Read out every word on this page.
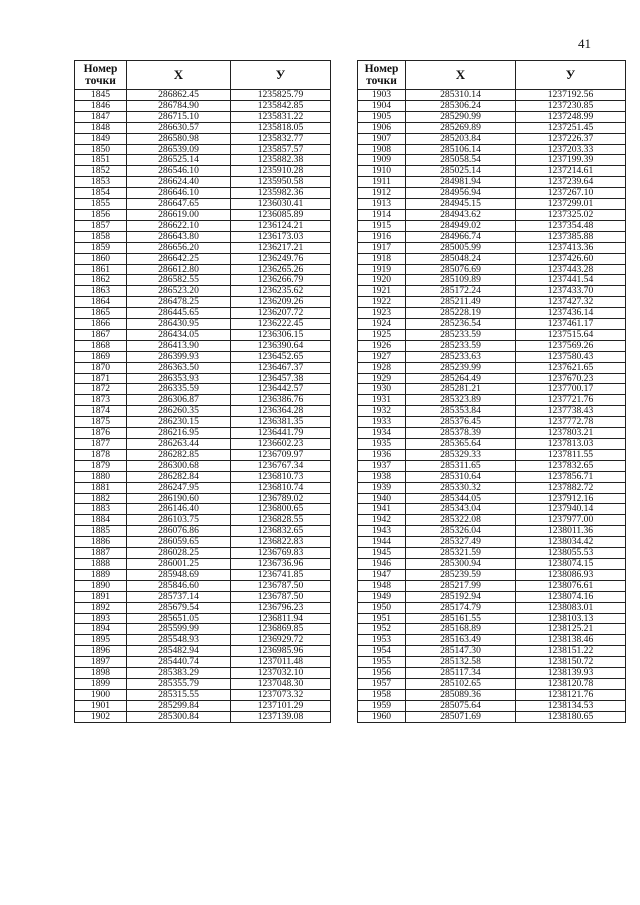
41
Номер
точки	X	У
1845	286862.45	1235825.79
1846	286784.90	1235842.85
1847	286715.10	1235831.22
1848	286630.57	1235818.05
1849	286580.98	1235832.77
1850	286539.09	1235857.57
1851	286525.14	1235882.38
1852	286546.10	1235910.28
1853	286624.40	1235950.58
1854	286646.10	1235982.36
1855	286647.65	1236030.41
1856	286619.00	1236085.89
1857	286622.10	1236124.21
1858	286643.80	1236173.03
1859	286656.20	1236217.21
1860	286642.25	1236249.76
1861	286612.80	1236265.26
1862	286582.55	1236266.79
1863	286523.20	1236235.62
1864	286478.25	1236209.26
1865	286445.65	1236207.72
1866	286430.95	1236222.45
1867	286434.05	1236306.15
1868	286413.90	1236390.64
1869	286399.93	1236452.65
1870	286363.50	1236467.37
1871	286353.93	1236457.38
1872	286335.59	1236442.57
1873	286306.87	1236386.76
1874	286260.35	1236364.28
1875	286230.15	1236381.35
1876	286216.95	1236441.79
1877	286263.44	1236602.23
1878	286282.85	1236709.97
1879	286300.68	1236767.34
1880	286282.84	1236810.73
1881	286247.95	1236810.74
1882	286190.60	1236789.02
1883	286146.40	1236800.65
1884	286103.75	1236828.55
1885	286076.86	1236832.65
1886	286059.65	1236822.83
1887	286028.25	1236769.83
1888	286001.25	1236736.96
1889	285948.69	1236741.85
1890	285846.60	1236787.50
1891	285737.14	1236787.50
1892	285679.54	1236796.23
1893	285651.05	1236811.94
1894	285599.99	1236869.85
1895	285548.93	1236929.72
1896	285482.94	1236985.96
1897	285440.74	1237011.48
1898	285383.29	1237032.10
1899	285355.79	1237048.30
1900	285315.55	1237073.32
1901	285299.84	1237101.29
1902	285300.84	1237139.08
Номер
точки	X	У
1903	285310.14	1237192.56
1904	285306.24	1237230.85
1905	285290.99	1237248.99
1906	285269.89	1237251.45
1907	285203.84	1237226.37
1908	285106.14	1237203.33
1909	285058.54	1237199.39
1910	285025.14	1237214.61
1911	284981.94	1237239.64
1912	284956.94	1237267.10
1913	284945.15	1237299.01
1914	284943.62	1237325.02
1915	284949.02	1237354.48
1916	284966.74	1237385.88
1917	285005.99	1237413.36
1918	285048.24	1237426.60
1919	285076.69	1237443.28
1920	285109.89	1237441.54
1921	285172.24	1237433.70
1922	285211.49	1237427.32
1923	285228.19	1237436.14
1924	285236.54	1237461.17
1925	285233.59	1237515.64
1926	285233.59	1237569.26
1927	285233.63	1237580.43
1928	285239.99	1237621.65
1929	285264.49	1237670.23
1930	285281.21	1237700.17
1931	285323.89	1237721.76
1932	285353.84	1237738.43
1933	285376.45	1237772.78
1934	285378.39	1237803.21
1935	285365.64	1237813.03
1936	285329.33	1237811.55
1937	285311.65	1237832.65
1938	285310.64	1237856.71
1939	285330.32	1237882.72
1940	285344.05	1237912.16
1941	285343.04	1237940.14
1942	285322.08	1237977.00
1943	285326.04	1238011.36
1944	285327.49	1238034.42
1945	285321.59	1238055.53
1946	285300.94	1238074.15
1947	285239.59	1238086.93
1948	285217.99	1238076.61
1949	285192.94	1238074.16
1950	285174.79	1238083.01
1951	285161.55	1238103.13
1952	285168.89	1238125.21
1953	285163.49	1238138.46
1954	285147.30	1238151.22
1955	285132.58	1238150.72
1956	285117.34	1238139.93
1957	285102.65	1238120.78
1958	285089.36	1238121.76
1959	285075.64	1238134.53
1960	285071.69	1238180.65
